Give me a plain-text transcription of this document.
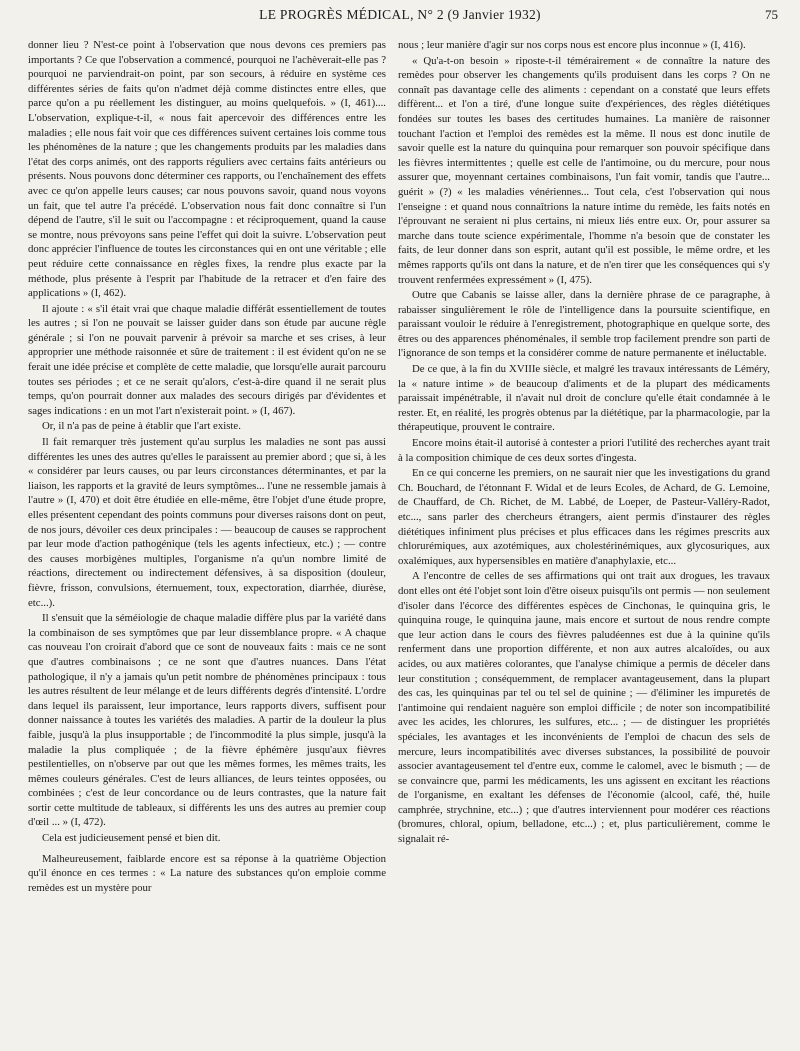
LE PROGRÈS MÉDICAL, N° 2 (9 Janvier 1932)	75

donner lieu ? N'est-ce point à l'observation que nous devons ces premiers pas importants ? Ce que l'observation a commencé, pourquoi ne l'achèverait-elle pas ? pourquoi ne parviendrait-on point, par son secours, à réduire en système ces différentes séries de faits qu'on n'admet déjà comme distinctes entre elles, que parce qu'on a pu réellement les distinguer, au moins quelquefois. » (I, 461).... L'observation, explique-t-il, « nous fait apercevoir des différences entre les maladies ; elle nous fait voir que ces différences suivent certaines lois comme tous les phénomènes de la nature ; que les changements produits par les maladies dans l'état des corps animés, ont des rapports réguliers avec certains faits antérieurs ou présents. Nous pouvons donc déterminer ces rapports, ou l'enchaînement des effets avec ce qu'on appelle leurs causes; car nous pouvons savoir, quand nous voyons un fait, que tel autre l'a précédé. L'observation nous fait donc connaître si l'un dépend de l'autre, s'il le suit ou l'accompagne : et réciproquement, quand la cause se montre, nous prévoyons sans peine l'effet qui doit la suivre. L'observation peut donc apprécier l'influence de toutes les circonstances qui en ont une véritable ; elle peut réduire cette connaissance en règles fixes, la rendre plus exacte par la méthode, plus présente à l'esprit par l'habitude de la retracer et d'en faire des applications » (I, 462).

Il ajoute : « s'il était vrai que chaque maladie différât essentiellement de toutes les autres ; si l'on ne pouvait se laisser guider dans son étude par aucune règle générale ; si l'on ne pouvait parvenir à prévoir sa marche et ses crises, à leur approprier une méthode raisonnée et sûre de traitement : il est évident qu'on ne se ferait une idée précise et complète de cette maladie, que lorsqu'elle aurait parcouru toutes ses périodes ; et ce ne serait qu'alors, c'est-à-dire quand il ne serait plus temps, qu'on pourrait donner aux malades des secours dirigés par d'évidentes et sages indications : en un mot l'art n'existerait point. » (I, 467).

Or, il n'a pas de peine à établir que l'art existe.

Il fait remarquer très justement qu'au surplus les maladies ne sont pas aussi différentes les unes des autres qu'elles le paraissent au premier abord ; que si, à les « considérer par leurs causes, ou par leurs circonstances déterminantes, et par la liaison, les rapports et la gravité de leurs symptômes... l'une ne ressemble jamais à l'autre » (I, 470) et doit être étudiée en elle-même, être l'objet d'une étude propre, elles présentent cependant des points communs pour diverses raisons dont on peut, de nos jours, dévoiler ces deux principales : — beaucoup de causes se rapprochent par leur mode d'action pathogénique (tels les agents infectieux, etc.) ; — contre des causes morbigènes multiples, l'organisme n'a qu'un nombre limité de réactions, directement ou indirectement défensives, à sa disposition (douleur, fièvre, frisson, convulsions, éternuement, toux, expectoration, diarrhée, diurèse, etc...).

Il s'ensuit que la séméiologie de chaque maladie diffère plus par la variété dans la combinaison de ses symptômes que par leur dissemblance propre. « A chaque cas nouveau l'on croirait d'abord que ce sont de nouveaux faits : mais ce ne sont que d'autres combinaisons ; ce ne sont que d'autres nuances. Dans l'état pathologique, il n'y a jamais qu'un petit nombre de phénomènes principaux : tous les autres résultent de leur mélange et de leurs différents degrés d'intensité. L'ordre dans lequel ils paraissent, leur importance, leurs rapports divers, suffisent pour donner naissance à toutes les variétés des maladies. A partir de la douleur la plus faible, jusqu'à la plus insupportable ; de l'incommodité la plus simple, jusqu'à la maladie la plus compliquée ; de la fièvre éphémère jusqu'aux fièvres pestilentielles, on n'observe par out que les mêmes formes, les mêmes traits, les mêmes couleurs générales. C'est de leurs alliances, de leurs teintes opposées, ou combinées ; c'est de leur concordance ou de leurs contrastes, que la nature fait sortir cette multitude de tableaux, si différents les uns des autres au premier coup d'œil ... » (I, 472).

Cela est judicieusement pensé et bien dit.

Malheureusement, faiblarde encore est sa réponse à la quatrième Objection qu'il énonce en ces termes : « La nature des substances qu'on emploie comme remèdes est un mystère pour

nous ; leur manière d'agir sur nos corps nous est encore plus inconnue » (I, 416).

« Qu'a-t-on besoin » riposte-t-il témérairement « de connaître la nature des remèdes pour observer les changements qu'ils produisent dans les corps ? On ne connaît pas davantage celle des aliments : cependant on a constaté que leurs effets diffèrent... et l'on a tiré, d'une longue suite d'expériences, des règles diététiques fondées sur toutes les bases des certitudes humaines. La manière de raisonner touchant l'action et l'emploi des remèdes est la même. Il nous est donc inutile de savoir quelle est la nature du quinquina pour remarquer son pouvoir spécifique dans les fièvres intermittentes ; quelle est celle de l'antimoine, ou du mercure, pour nous assurer que, moyennant certaines combinaisons, l'un fait vomir, tandis que l'autre... guérit » (?) « les maladies vénériennes... Tout cela, c'est l'observation qui nous l'enseigne : et quand nous connaîtrions la nature intime du remède, les faits notés en l'éprouvant ne seraient ni plus certains, ni mieux liés entre eux. Or, pour assurer sa marche dans toute science expérimentale, l'homme n'a besoin que de constater les faits, de leur donner dans son esprit, autant qu'il est possible, le même ordre, et les mêmes rapports qu'ils ont dans la nature, et de n'en tirer que les conséquences qui s'y trouvent renfermées expressément » (I, 475).

Outre que Cabanis se laisse aller, dans la dernière phrase de ce paragraphe, à rabaisser singulièrement le rôle de l'intelligence dans la poursuite scientifique, en paraissant vouloir le réduire à l'enregistrement, photographique en quelque sorte, des êtres ou des apparences phénoménales, il semble trop facilement prendre son parti de l'ignorance de son temps et la considérer comme de nature permanente et inéluctable.

De ce que, à la fin du XVIIIe siècle, et malgré les travaux intéressants de Léméry, la « nature intime » de beaucoup d'aliments et de la plupart des médicaments paraissait impénétrable, il n'avait nul droit de conclure qu'elle était condamnée à le rester. Et, en réalité, les progrès obtenus par la diététique, par la pharmacologie, par la thérapeutique, prouvent le contraire.

Encore moins était-il autorisé à contester a priori l'utilité des recherches ayant trait à la composition chimique de ces deux sortes d'ingesta.

En ce qui concerne les premiers, on ne saurait nier que les investigations du grand Ch. Bouchard, de l'étonnant F. Widal et de leurs Ecoles, de Achard, de G. Lemoine, de Chauffard, de Ch. Richet, de M. Labbé, de Loeper, de Pasteur-Valléry-Radot, etc..., sans parler des chercheurs étrangers, aient permis d'instaurer des règles diététiques infiniment plus précises et plus efficaces dans les régimes prescrits aux chlorurémiques, aux azotémiques, aux cholestérinémiques, aux glycosuriques, aux oxalémiques, aux hypersensibles en matière d'anaphylaxie, etc...

A l'encontre de celles de ses affirmations qui ont trait aux drogues, les travaux dont elles ont été l'objet sont loin d'être oiseux puisqu'ils ont permis — non seulement d'isoler dans l'écorce des différentes espèces de Cinchonas, le quinquina gris, le quinquina rouge, le quinquina jaune, mais encore et surtout de nous rendre compte que leur action dans le cours des fièvres paludéennes est due à la quinine qu'ils renferment dans une proportion différente, et non aux autres alcaloïdes, ou aux acides, ou aux matières colorantes, que l'analyse chimique a permis de déceler dans leur constitution ; conséquemment, de remplacer avantageusement, dans la plupart des cas, les quinquinas par tel ou tel sel de quinine ; — d'éliminer les impuretés de l'antimoine qui rendaient naguère son emploi difficile ; de noter son incompatibilité avec les acides, les chlorures, les sulfures, etc... ; — de distinguer les propriétés spéciales, les avantages et les inconvénients de l'emploi de chacun des sels de mercure, leurs incompatibilités avec diverses substances, la possibilité de pouvoir associer avantageusement tel d'entre eux, comme le calomel, avec le bismuth ; — de se convaincre que, parmi les médicaments, les uns agissent en excitant les réactions de l'organisme, en exaltant les défenses de l'économie (alcool, café, thé, huile camphrée, strychnine, etc...) ; que d'autres interviennent pour modérer ces réactions (bromures, chloral, opium, belladone, etc...) ; et, plus particulièrement, comme le signalait ré-
